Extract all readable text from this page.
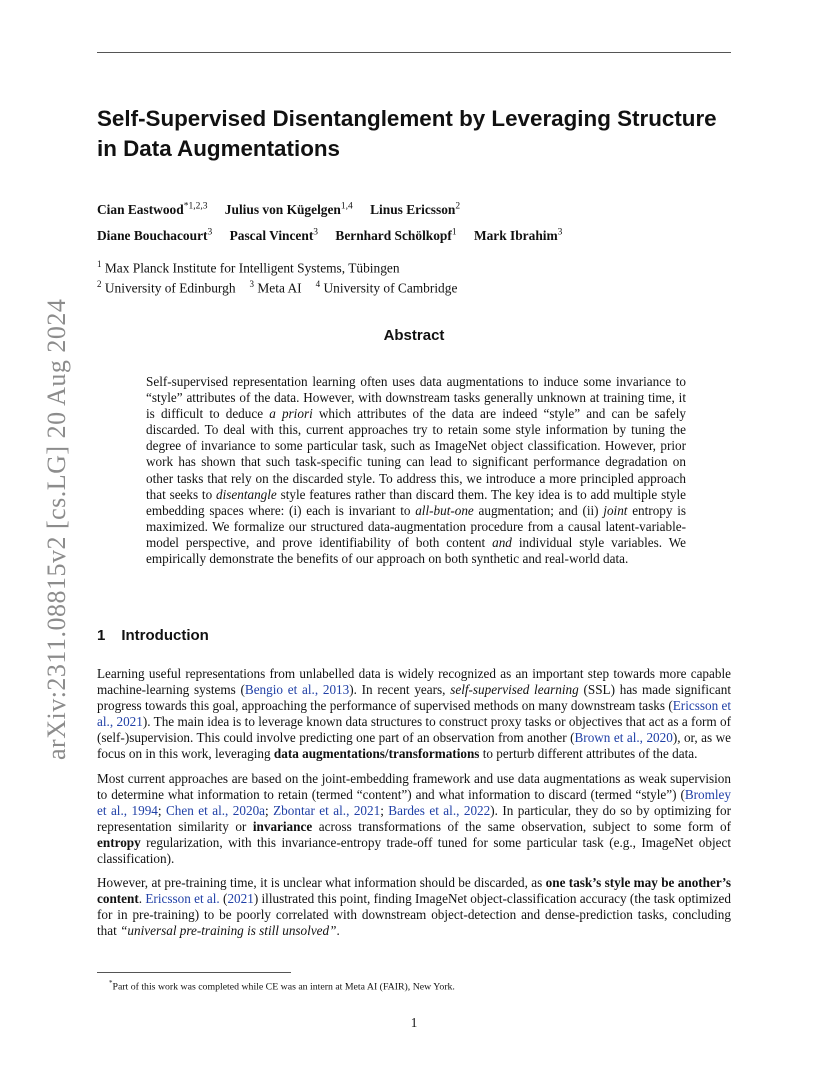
arXiv:2311.08815v2 [cs.LG] 20 Aug 2024
Self-Supervised Disentanglement by Leveraging Structure in Data Augmentations
Cian Eastwood$^{*1,2,3}$ Julius von Kügelgen$^{1,4}$ Linus Ericsson$^2$
Diane Bouchacourt$^3$ Pascal Vincent$^3$ Bernhard Schölkopf$^1$ Mark Ibrahim$^3$
$^1$ Max Planck Institute for Intelligent Systems, Tübingen
$^2$ University of Edinburgh $^3$ Meta AI $^4$ University of Cambridge
Abstract

Self-supervised representation learning often uses data augmentations to induce some invariance to “style” attributes of the data. However, with downstream tasks generally unknown at training time, it is difficult to deduce a priori which attributes of the data are indeed “style” and can be safely discarded. To deal with this, current approaches try to retain some style information by tuning the degree of invariance to some particular task, such as ImageNet object classification. However, prior work has shown that such task-specific tuning can lead to significant performance degradation on other tasks that rely on the discarded style. To address this, we introduce a more principled approach that seeks to disentangle style features rather than discard them. The key idea is to add multiple style embedding spaces where: (i) each is invariant to all-but-one augmentation; and (ii) joint entropy is maximized. We formalize our structured data-augmentation procedure from a causal latent-variable-model perspective, and prove identifiability of both content and individual style variables. We empirically demonstrate the benefits of our approach on both synthetic and real-world data.

1 Introduction

Learning useful representations from unlabelled data is widely recognized as an important step towards more capable machine-learning systems (Bengio et al., 2013). In recent years, self-supervised learning (SSL) has made significant progress towards this goal, approaching the performance of supervised methods on many downstream tasks (Ericsson et al., 2021). The main idea is to leverage known data structures to construct proxy tasks or objectives that act as a form of (self-)supervision. This could involve predicting one part of an observation from another (Brown et al., 2020), or, as we focus on in this work, leveraging data augmentations/transformations to perturb different attributes of the data.

Most current approaches are based on the joint-embedding framework and use data augmentations as weak supervision to determine what information to retain (termed “content”) and what information to discard (termed “style”) (Bromley et al., 1994; Chen et al., 2020a; Zbontar et al., 2021; Bardes et al., 2022). In particular, they do so by optimizing for representation similarity or invariance across transformations of the same observation, subject to some form of entropy regularization, with this invariance-entropy trade-off tuned for some particular task (e.g., ImageNet object classification).

However, at pre-training time, it is unclear what information should be discarded, as one task’s style may be another’s content. Ericsson et al. (2021) illustrated this point, finding ImageNet object-classification accuracy (the task optimized for in pre-training) to be poorly correlated with downstream object-detection and dense-prediction tasks, concluding that “universal pre-training is still unsolved”.

*Part of this work was completed while CE was an intern at Meta AI (FAIR), New York.
1
